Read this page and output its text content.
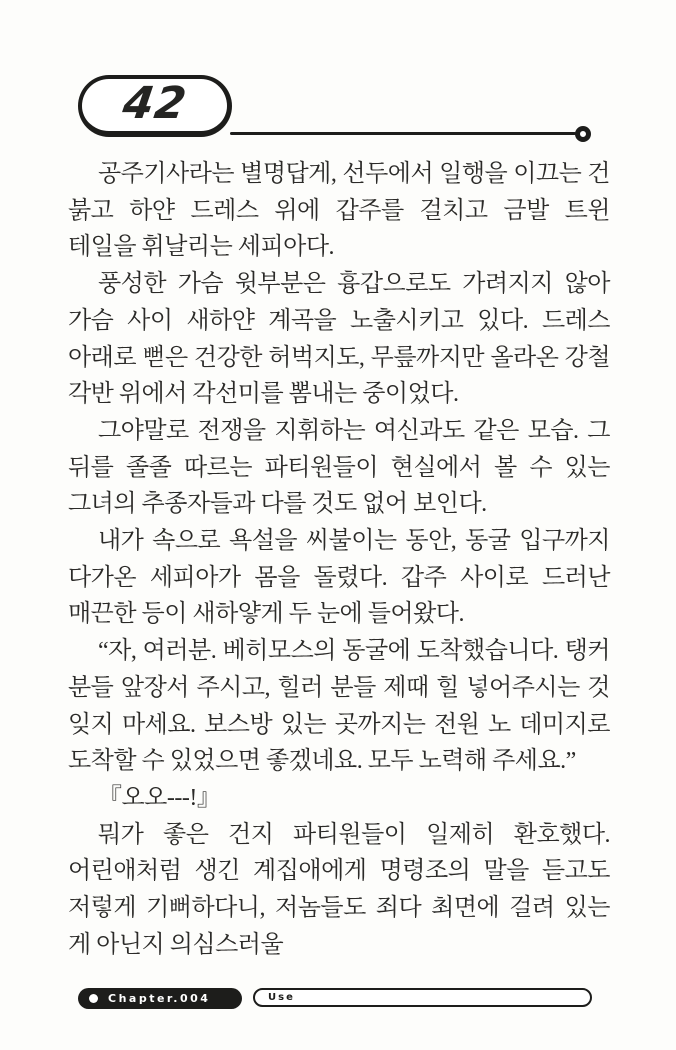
42

공주기사라는 별명답게, 선두에서 일행을 이끄는 건 붉고 하얀 드레스 위에 갑주를 걸치고 금발 트윈 테일을 휘날리는 세피아다.

풍성한 가슴 윗부분은 흉갑으로도 가려지지 않아 가슴 사이 새하얀 계곡을 노출시키고 있다. 드레스 아래로 뻗은 건강한 허벅지도, 무릎까지만 올라온 강철 각반 위에서 각선미를 뽐내는 중이었다.

그야말로 전쟁을 지휘하는 여신과도 같은 모습. 그 뒤를 졸졸 따르는 파티원들이 현실에서 볼 수 있는 그녀의 추종자들과 다를 것도 없어 보인다.

내가 속으로 욕설을 씨불이는 동안, 동굴 입구까지 다가온 세피아가 몸을 돌렸다. 갑주 사이로 드러난 매끈한 등이 새하얗게 두 눈에 들어왔다.

“자, 여러분. 베히모스의 동굴에 도착했습니다. 탱커 분들 앞장서 주시고, 힐러 분들 제때 힐 넣어주시는 것 잊지 마세요. 보스방 있는 곳까지는 전원 노 데미지로 도착할 수 있었으면 좋겠네요. 모두 노력해 주세요.”

『오오---!』

뭐가 좋은 건지 파티원들이 일제히 환호했다. 어린애처럼 생긴 계집애에게 명령조의 말을 듣고도 저렇게 기뻐하다니, 저놈들도 죄다 최면에 걸려 있는 게 아닌지 의심스러울

Chapter.004	Use
